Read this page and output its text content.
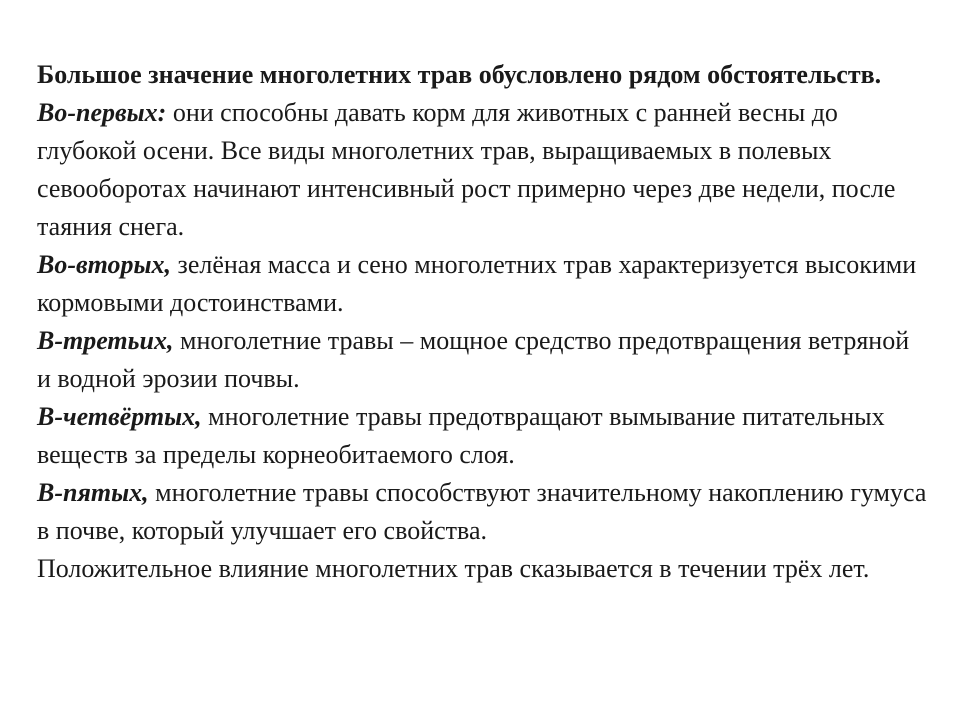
Большое значение многолетних трав обусловлено рядом обстоятельств.

Во-первых: они способны давать корм для животных с ранней весны до глубокой осени. Все виды многолетних трав, выращиваемых в полевых севооборотах начинают интенсивный рост примерно через две недели, после таяния снега.

Во-вторых, зелёная масса и сено многолетних трав характеризуется высокими кормовыми достоинствами.

В-третьих, многолетние травы – мощное средство предотвращения ветряной и водной эрозии почвы.

В-четвёртых, многолетние травы предотвращают вымывание питательных веществ за пределы корнеобитаемого слоя.

В-пятых, многолетние травы способствуют значительному накоплению гумуса в почве, который улучшает его свойства.

Положительное влияние многолетних трав сказывается в течении трёх лет.
